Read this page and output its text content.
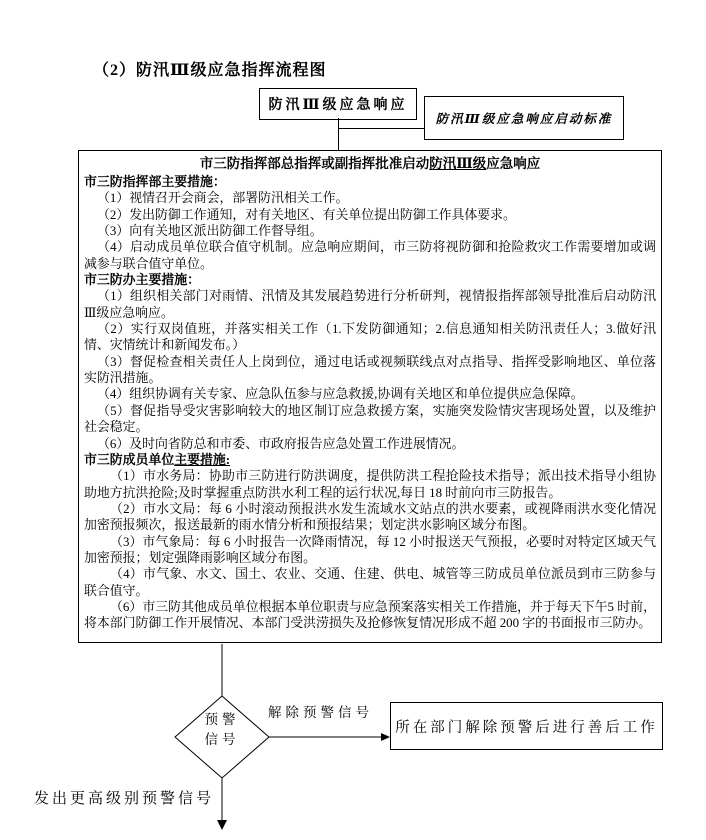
（2）防汛Ⅲ级应急指挥流程图
防汛Ⅲ级应急响应
防汛Ⅲ级应急响应启动标准
市三防指挥部总指挥或副指挥批准启动防汛Ⅲ级应急响应
市三防指挥部主要措施：

（1）视情召开会商会，部署防汛相关工作。

（2）发出防御工作通知，对有关地区、有关单位提出防御工作具体要求。

（3）向有关地区派出防御工作督导组。

（4）启动成员单位联合值守机制。应急响应期间，市三防将视防御和抢险救灾工作需要增加或调减参与联合值守单位。

市三防办主要措施：

（1）组织相关部门对雨情、汛情及其发展趋势进行分析研判，视情报指挥部领导批准后启动防汛Ⅲ级应急响应。

（2）实行双岗值班，并落实相关工作（1.下发防御通知；2.信息通知相关防汛责任人；3.做好汛情、灾情统计和新闻发布。）

（3）督促检查相关责任人上岗到位，通过电话或视频联线点对点指导、指挥受影响地区、单位落实防汛措施。

（4）组织协调有关专家、应急队伍参与应急救援,协调有关地区和单位提供应急保障。

（5）督促指导受灾害影响较大的地区制订应急救援方案，实施突发险情灾害现场处置，以及维护社会稳定。

（6）及时向省防总和市委、市政府报告应急处置工作进展情况。

市三防成员单位主要措施:

（1）市水务局：协助市三防进行防洪调度，提供防洪工程抢险技术指导；派出技术指导小组协助地方抗洪抢险;及时掌握重点防洪水利工程的运行状况,每日 18 时前向市三防报告。

（2）市水文局：每 6 小时滚动预报洪水发生流域水文站点的洪水要素，或视降雨洪水变化情况加密预报频次，报送最新的雨水情分析和预报结果；划定洪水影响区域分布图。

（3）市气象局：每 6 小时报告一次降雨情况，每 12 小时报送天气预报，必要时对特定区域天气加密预报；划定强降雨影响区域分布图。

（4）市气象、水文、国土、农业、交通、住建、供电、城管等三防成员单位派员到市三防参与联合值守。

（6）市三防其他成员单位根据本单位职责与应急预案落实相关工作措施，并于每天下午5 时前，将本部门防御工作开展情况、本部门受洪涝损失及抢修恢复情况形成不超 200 字的书面报市三防办。

预警
信号
解除预警信号
所在部门解除预警后进行善后工作
发出更高级别预警信号
